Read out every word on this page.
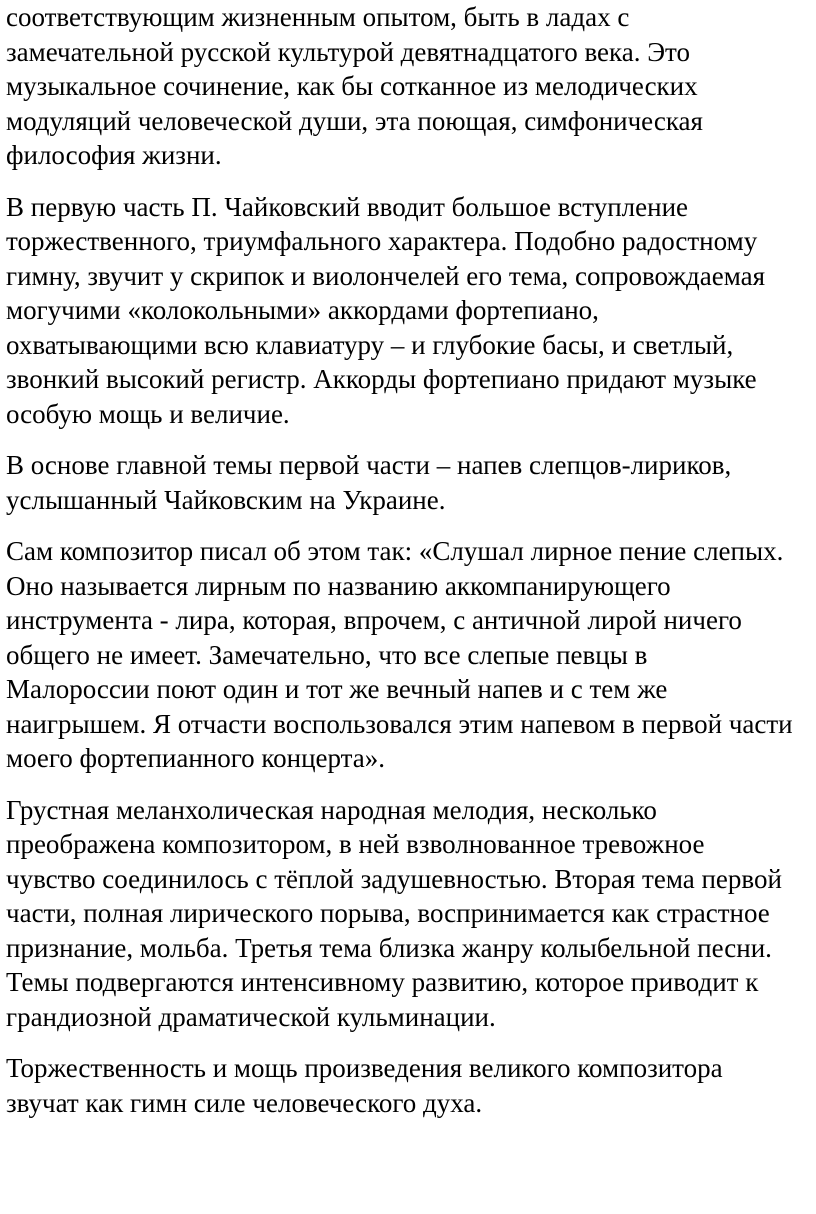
соответствующим жизненным опытом, быть в ладах с
замечательной русской культурой девятнадцатого века. Это
музыкальное сочинение, как бы сотканное из мелодических
модуляций человеческой души, эта поющая, симфоническая
философия жизни.

В первую часть П. Чайковский вводит большое вступление
торжественного, триумфального характера. Подобно радостному
гимну, звучит у скрипок и виолончелей его тема, сопровождаемая
могучими «колокольными» аккордами фортепиано,
охватывающими всю клавиатуру – и глубокие басы, и светлый,
звонкий высокий регистр. Аккорды фортепиано придают музыке
особую мощь и величие.

В основе главной темы первой части – напев слепцов-лириков,
услышанный Чайковским на Украине.

Сам композитор писал об этом так: «Слушал лирное пение слепых.
Оно называется лирным по названию аккомпанирующего
инструмента - лира, которая, впрочем, с античной лирой ничего
общего не имеет. Замечательно, что все слепые певцы в
Малороссии поют один и тот же вечный напев и с тем же
наигрышем. Я отчасти воспользовался этим напевом в первой части
моего фортепианного концерта».

Грустная меланхолическая народная мелодия, несколько
преображена композитором, в ней взволнованное тревожное
чувство соединилось с тёплой задушевностью. Вторая тема первой
части, полная лирического порыва, воспринимается как страстное
признание, мольба. Третья тема близка жанру колыбельной песни.
Темы подвергаются интенсивному развитию, которое приводит к
грандиозной драматической кульминации.

Торжественность и мощь произведения великого композитора
звучат как гимн силе человеческого духа.
